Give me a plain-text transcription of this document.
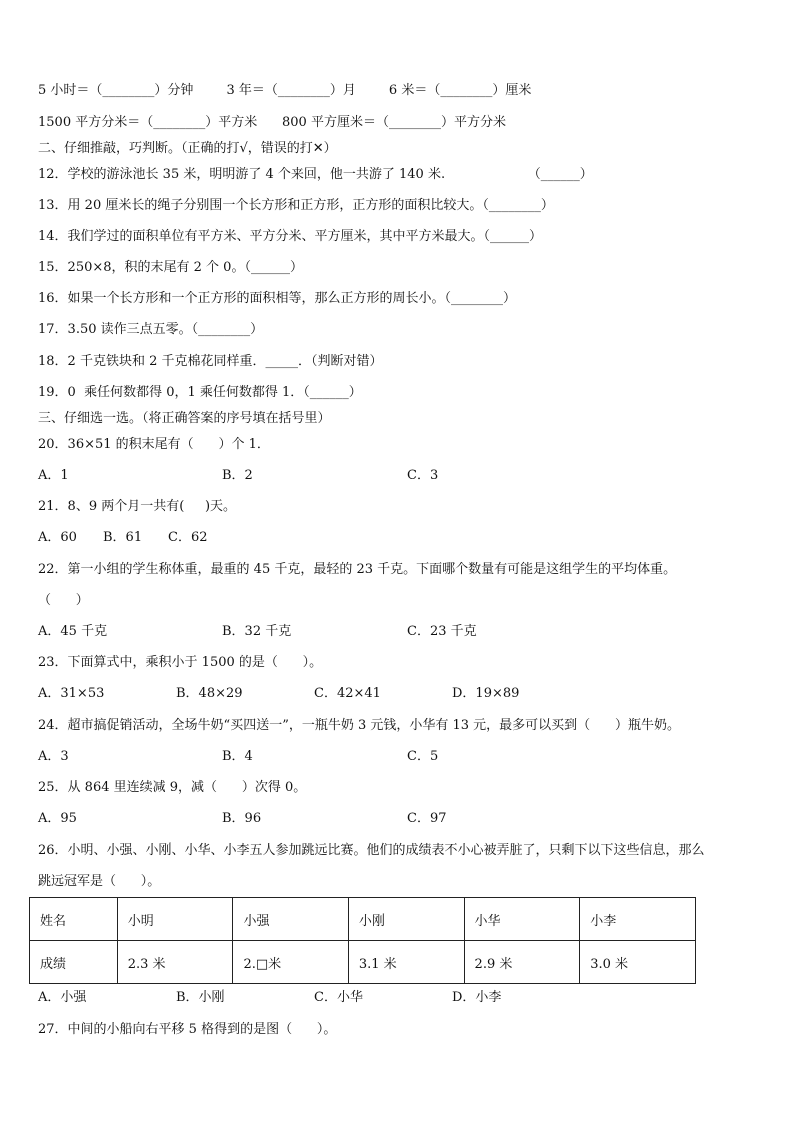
5 小时＝（________）分钟        3 年＝（________）月        6 米＝（________）厘米
1500 平方分米＝（________）平方米      800 平方厘米＝（________）平方分米
二、仔细推敲，巧判断。（正确的打√，错误的打✕）
12．学校的游泳池长 35 米，明明游了 4 个来回，他一共游了 140 米.                    （______）
13．用 20 厘米长的绳子分别围一个长方形和正方形，正方形的面积比较大。（________）
14．我们学过的面积单位有平方米、平方分米、平方厘米，其中平方米最大。（______）
15．250×8，积的末尾有 2 个 0。（______）
16．如果一个长方形和一个正方形的面积相等，那么正方形的周长小。（________）
17．3.50 读作三点五零。（________）
18．2 千克铁块和 2 千克棉花同样重．_____．（判断对错）
19．0  乘任何数都得 0，1 乘任何数都得 1．（______）
三、仔细选一选。（将正确答案的序号填在括号里）
20．36×51 的积末尾有（      ）个 1．
A．1	B．2	C．3
21．8、9 两个月一共有(     )天。
A．60 B．61 C．62
22．第一小组的学生称体重，最重的 45 千克，最轻的 23 千克。下面哪个数量有可能是这组学生的平均体重。
（      ）
A．45 千克	B．32 千克	C．23 千克
23．下面算式中，乘积小于 1500 的是（      ）。
A．31×53	B．48×29	C．42×41	D．19×89
24．超市搞促销活动，全场牛奶“买四送一”，一瓶牛奶 3 元钱，小华有 13 元，最多可以买到（      ）瓶牛奶。
A．3	B．4	C．5
25．从 864 里连续减 9，减（      ）次得 0。
A．95	B．96	C．97
26．小明、小强、小刚、小华、小李五人参加跳远比赛。他们的成绩表不小心被弄脏了，只剩下以下这些信息，那么
跳远冠军是（      ）。
姓名	小明	小强	小刚	小华	小李
成绩	2.3 米	2.□米	3.1 米	2.9 米	3.0 米
A．小强	B．小刚	C．小华	D．小李
27．中间的小船向右平移 5 格得到的是图（      ）。
